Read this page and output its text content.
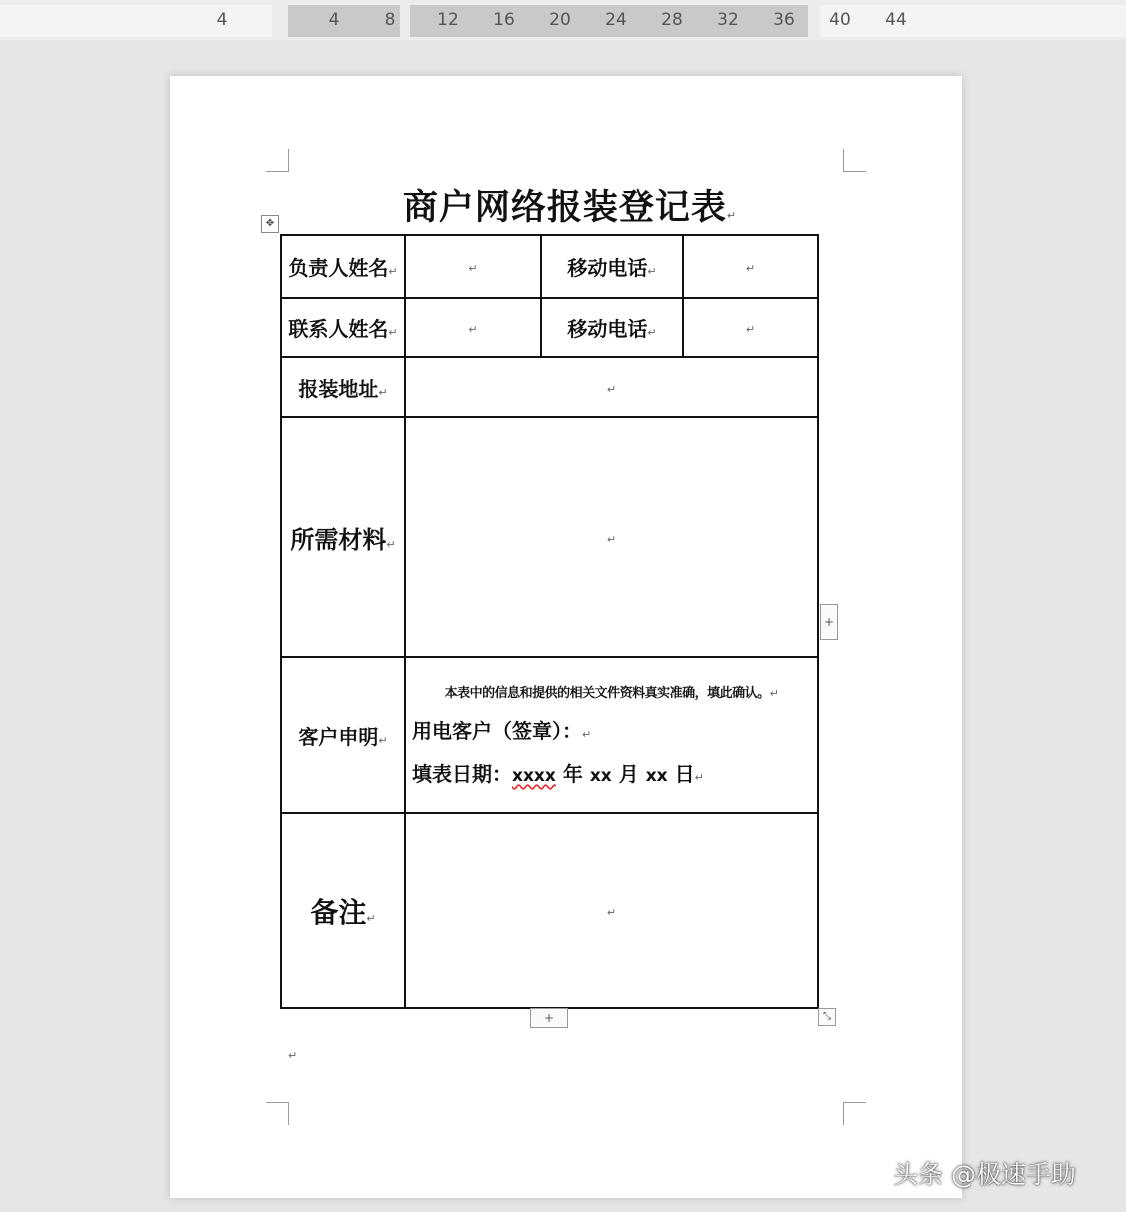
4	4	8	12	16	20	24	28	32	36	40	44
商户网络报装登记表↵
✥
负责人姓名↵	↵	移动电话↵	↵
联系人姓名↵	↵	移动电话↵	↵
报装地址↵	↵		
所需材料↵	↵		
客户申明↵	本表中的信息和提供的相关文件资料真实准确，填此确认。↵
用电客户（签章）：↵
填表日期：xxxx 年 xx 月 xx 日↵		

备注↵	↵		
+
+	⤡
↵
头条 @极速手助
